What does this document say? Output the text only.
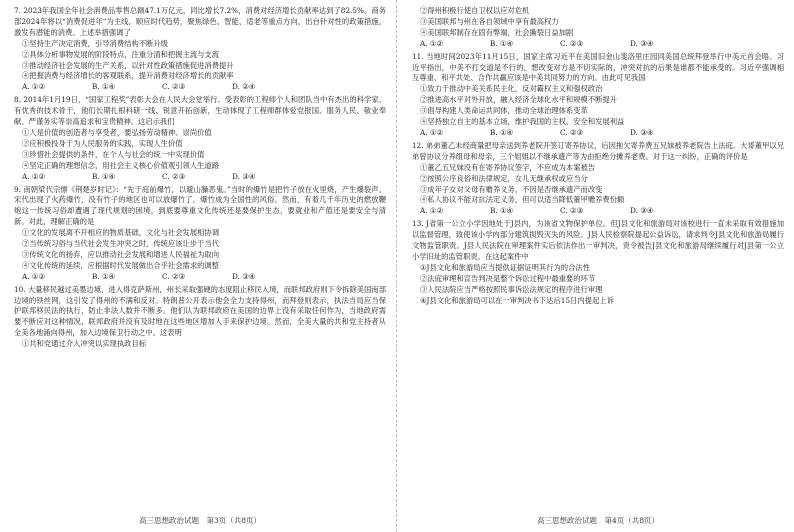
7. 2023年我国全年社会消费品零售总额47.1万亿元，同比增长7.2%，消费对经济增长贡献率达到了82.5%。商务部2024年将以“消费促进年”为主线，顺应时代趋势，聚焦绿色、智能、适老等重点方向，出台针对性的政策措施，激发有潜能的消费。上述举措强调了

①坚持生产决定消费，引导消费结构不断升级

②具体分析事物发展的阶段特点，注重分清和把握主流与支流

③推动经济社会发展的生产关系，以针对性政策措施促进消费提升

④把握消费与经济增长的客观联系，提升消费对经济增长的贡献率

A. ①②	B. ①④	C. ②③	D. ②④

8. 2014年1月19日，“国家工程奖”表彰大会在人民大会堂举行。受表彰的工程师个人和团队当中有杰出的科学家、有优秀的技术骨干，他们长期扎根科研一线、锐意开拓创新，生动体现了工程师群体爱党报国、服务人民、敬业奉献、严谨务实等崇高追求和宝贵精神。这启示我们

①人是价值的创造者与享受者，要弘扬劳动精神、崇尚价值

②应积极投身于为人民服务的实践，实现人生价值

③珍惜社会提供的条件，在个人与社会的统一中实现价值

④坚定正确的理想信念，用社会主义核心价值观引领人生道路

A. ①②	B. ①④	C. ②③	D. ③④

9. 南朝梁代宗懔《荆楚岁时记》：“先于庭前爆竹，以避山臊恶鬼。”当时的爆竹是把竹子放在火里烧，产生爆裂声。宋代出现了火药爆竹，没有竹子的地区也可以放爆竹了，爆竹成为全国性的风俗。然而，有着几千年历史的燃放鞭炮这一传统习俗却遭遇了现代规划的困境，到底要尊重文化传统还是要保护生态、要就业和产值还是要安全与清新。对此，理解正确的是

①文化的发展离不开相应的物质基础，文化与社会发展相协调

②当传统习俗与当代社会发生冲突之时，传统应该让步于当代

③传统文化的扬弃，应以推动社会发展和增进人民福祉为取向

④文化传统的延续，应根据时代发展做出合乎社会需求的调整

A. ①②	B. ①④	C. ②③	D. ③④

10. 大量移民越过美墨边境，进入得克萨斯州，州长采取强硬的态度阻止移民入境，而联邦政府则下令拆除美国南部边境的铁丝网，这引发了得州的不满和反对。特朗普公开表示他会全力支持得州，而拜登则表示，执法当局应当保护联邦移民法的执行，防止非法人数并不断多。他们认为联邦政府在美国的边界上没有采取任何作为，当地政府需要不断应对这种情况，联邦政府并没有及时地在这些地区增加人手来保护边境。然而，全美大量的共和党主持者从全美各地涌向得州，加入边境保卫行动之中。这表明

①共和党通过介入冲突以实现执政目标

②得州积极行使自卫权以应对危机

③美国联邦与州在各自领域中享有最高权力

④美国联邦制存在固有弊端，社会撕裂日益加剧

A. ①②	B. ①④	C. ②③	D. ③④

11. 当地时间2023年11月15日，国家主席习近平在美国旧金山斐洛里庄园同美国总统拜登举行中美元首会晤。习近平指出，中美不打交道是不行的，想改变对方是不切实际的，冲突对抗的后果是谁都不能承受的。习近平强调相互尊重、和平共处、合作共赢应该是中美共同努力的方向。由此可见我国

①致力于推动中美关系民主化，反对霸权主义和强权政治

②推进高水平对外开放，融入经济全球化水平和规模不断提升

③倡导构建人类命运共同体，推动全球治理体系变革

④坚持独立自主的基本立场，维护我国的主权、安全和发展利益

A. ①②	B. ①④	C. ②③	D. ③④

12. 弟弟董乙未经商量把母亲送到养老院开签订寄养协议，后因拖欠寄养费五兄妹被养老院告上法庭。大哥董甲以兄弟曾协议分养组母和母亲，三个姐姐以不继承遗产等为由拒绝分摊养老费。对于这一纠纷，正确的评价是

①董乙五兄妹没有在寄养协议签字，不应成为本案被告

②按照公序良俗和法律规定，女儿无继承权或应当分

③成年子女对父母有赡养义务，不因是否继承遗产而改变

④私人协议不能对抗法定义务，但可以适当降低董甲赡养费份额

A. ①②	B. ①④	C. ②③	D. ③④

13. J省第一公立小学因地处于J县内，为该省文物保护单位。但J县文化和旅游局对该校进行一直未采取有效措施加以监督管理，致使该小学内部分建筑损毁灭失的风险。J县人民检察院提起公益诉讼，请求判令J县文化和旅游局履行文物监管职责。J县人民法院在审理案件实后依法作出一审判决，责令被告J县文化和旅游局继续履行对J县第一公立小学旧址的监管职责。在这起案件中

①J县文化和旅游局应当提供证据证明其行为的合法性

②法庭审理和宣告判决是整个诉讼过程中最重要的环节

③人民法院应当严格按照民事诉讼法规定的程序进行审理

④J县文化和旅游局可以在一审判决书下达后15日内提起上诉

高三思想政治试题　第3页（共8页）	高三思想政治试题　第4页（共8页）
